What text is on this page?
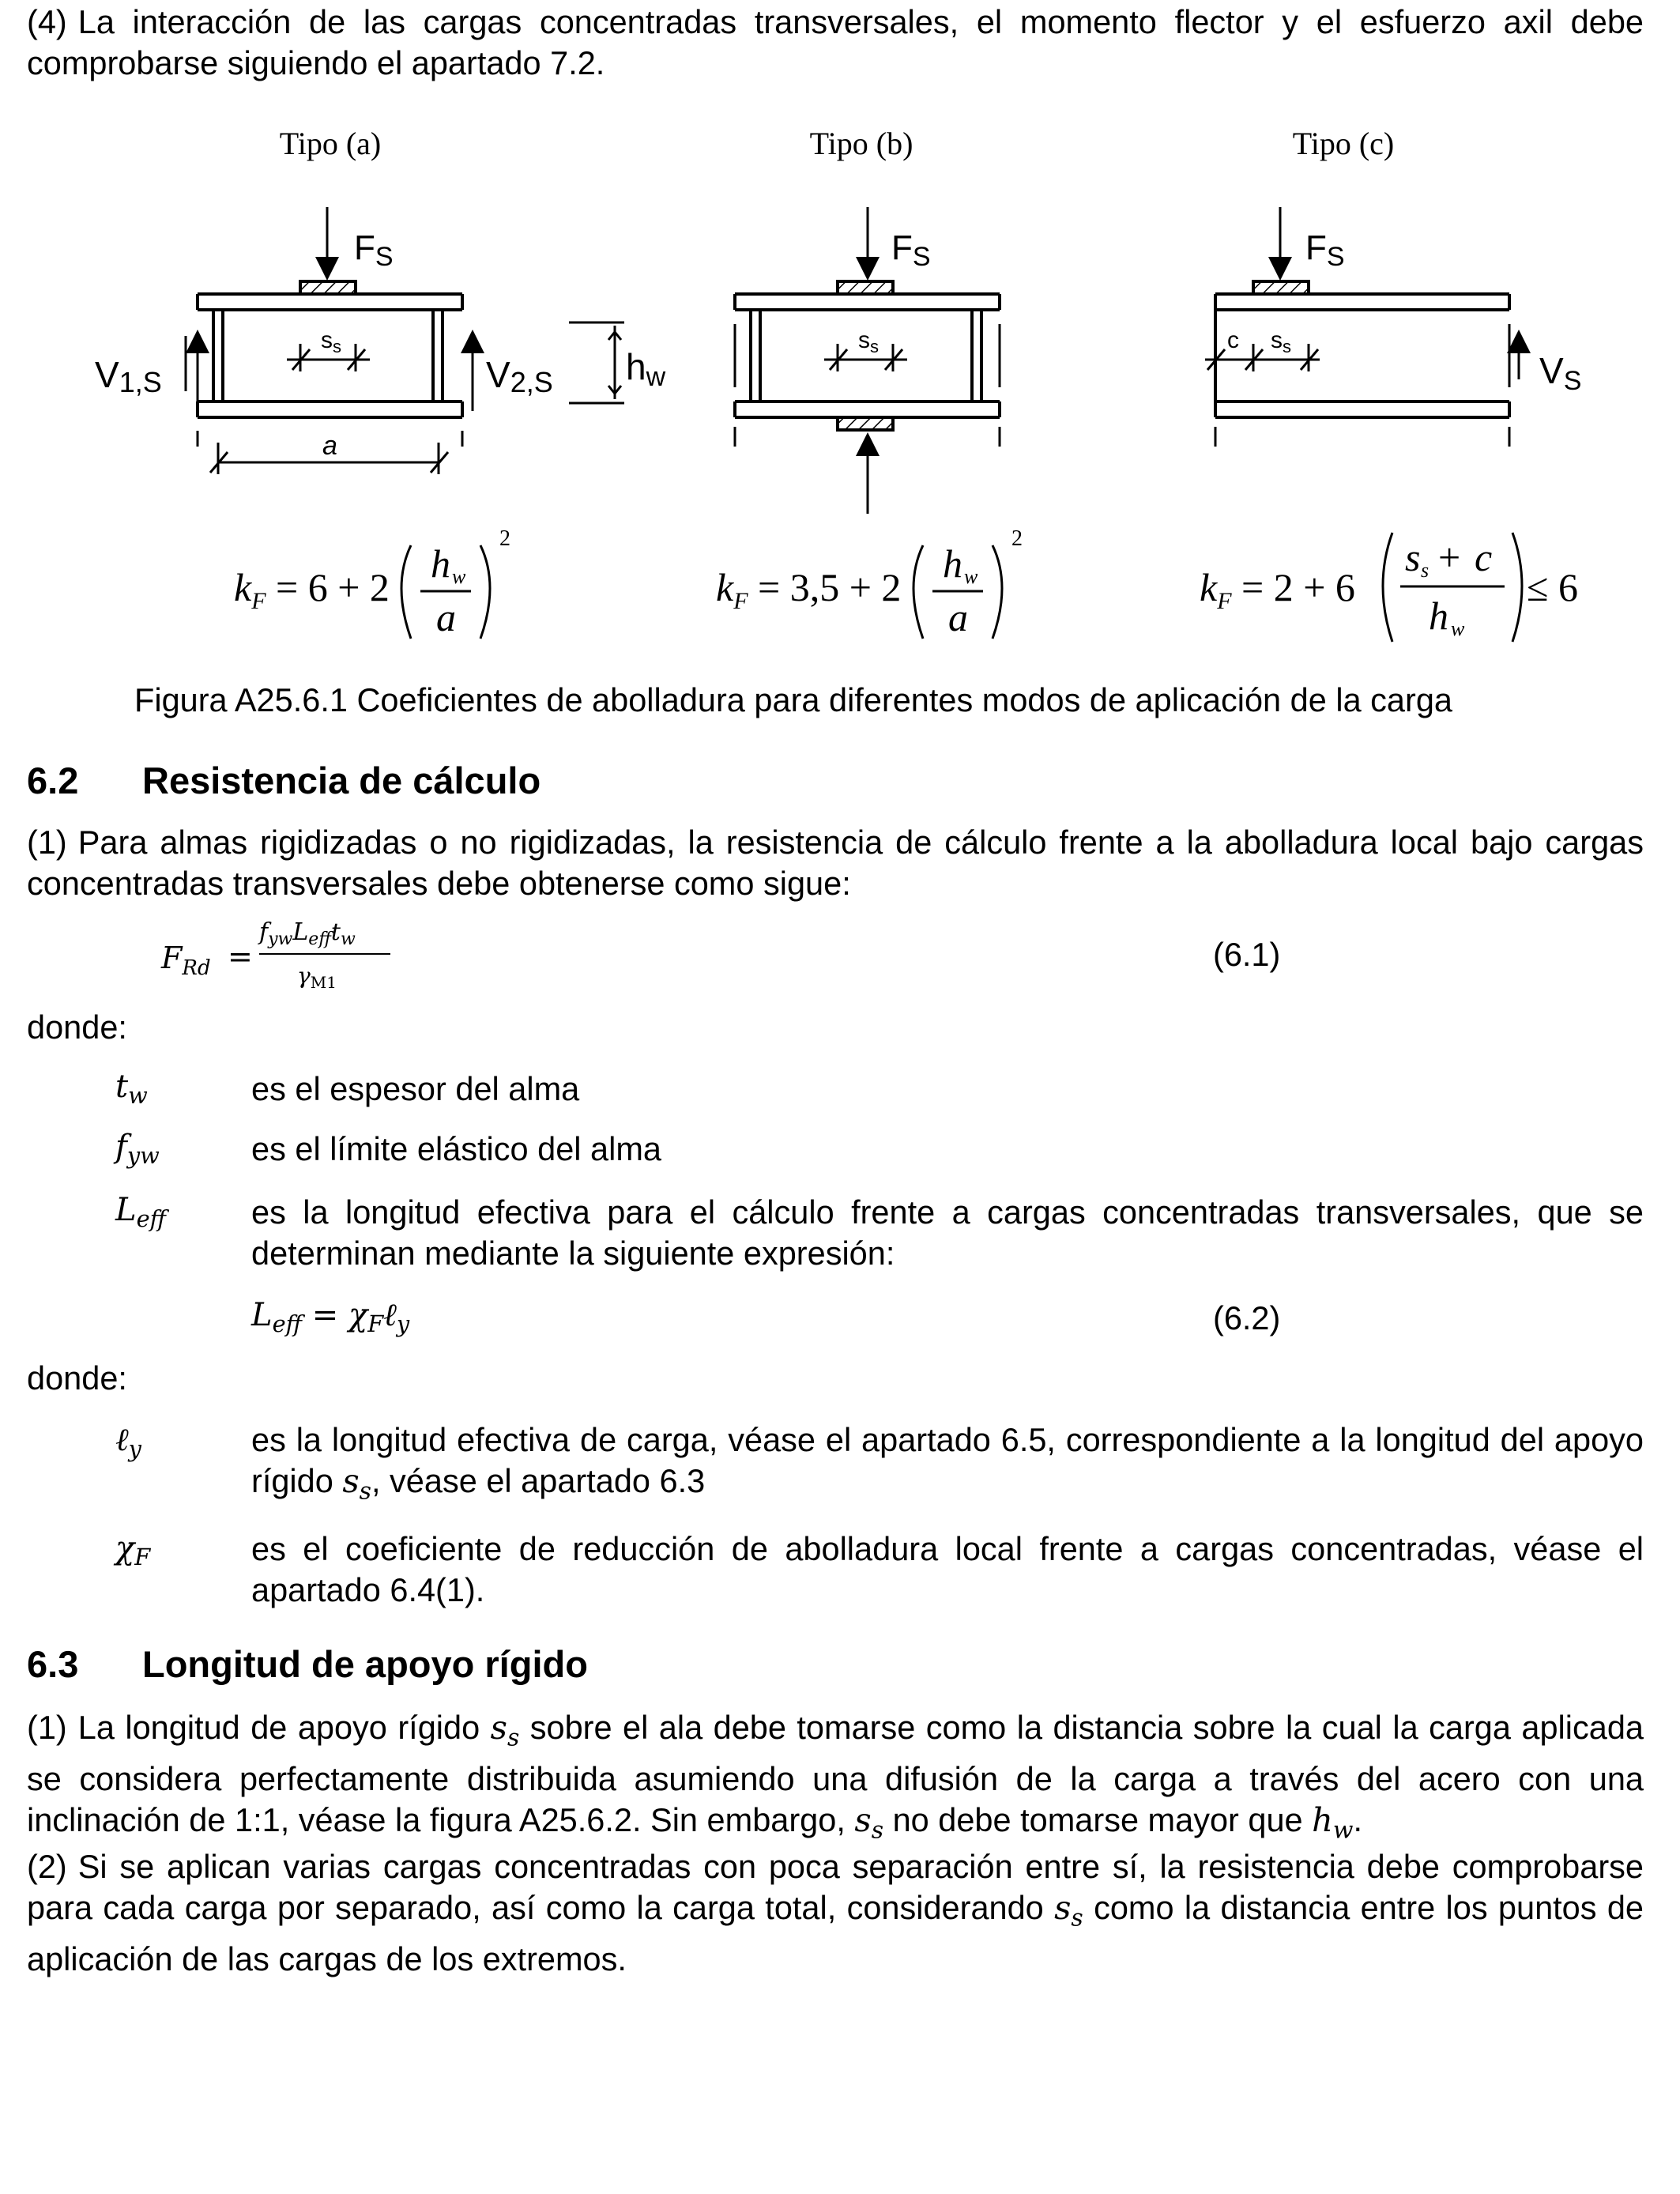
(4) La interacción de las cargas concentradas transversales, el momento flector y el esfuerzo axil debe comprobarse siguiendo el apartado 7.2.

Tipo (a)	Tipo (b)	Tipo (c)
FS
$s_s$
V1,S	V2,S hw
a
FS
$s_s$
FS
c $s_s$
VS
$k_F = 6 + 2$
h w
a
2
$k_F = 3,5 + 2$
h w
a
2
$k_F = 2 + 6$
s s + c
h w
≤ 6
Figura A25.6.1 Coeficientes de abolladura para diferentes modos de aplicación de la carga
6.2 Resistencia de cálculo

(1) Para almas rigidizadas o no rigidizadas, la resistencia de cálculo frente a la abolladura local bajo cargas concentradas transversales debe obtenerse como sigue:

$F_{Rd}$ =
$f_{yw}L_{eff}t_w$
$\gamma_{M1}$
(6.1)
donde:
$t_w$	es el espesor del alma
$f_{yw}$	es el límite elástico del alma
$L_{eff}$	es la longitud efectiva para el cálculo frente a cargas concentradas transversales, que se determinan mediante la siguiente expresión:
$L_{eff}$ = $\chi_F\ell_y$	(6.2)
donde:
ℓ$_y$	es la longitud efectiva de carga, véase el apartado 6.5, correspondiente a la longitud del apoyo rígido $s_s$, véase el apartado 6.3
$\chi_F$	es el coeficiente de reducción de abolladura local frente a cargas concentradas, véase el apartado 6.4(1).
6.3 Longitud de apoyo rígido

(1) La longitud de apoyo rígido $s_s$ sobre el ala debe tomarse como la distancia sobre la cual la carga aplicada se considera perfectamente distribuida asumiendo una difusión de la carga a través del acero con una inclinación de 1:1, véase la figura A25.6.2. Sin embargo, $s_s$ no debe tomarse mayor que $h_w$.

(2) Si se aplican varias cargas concentradas con poca separación entre sí, la resistencia debe comprobarse para cada carga por separado, así como la carga total, considerando $s_s$ como la distancia entre los puntos de aplicación de las cargas de los extremos.
